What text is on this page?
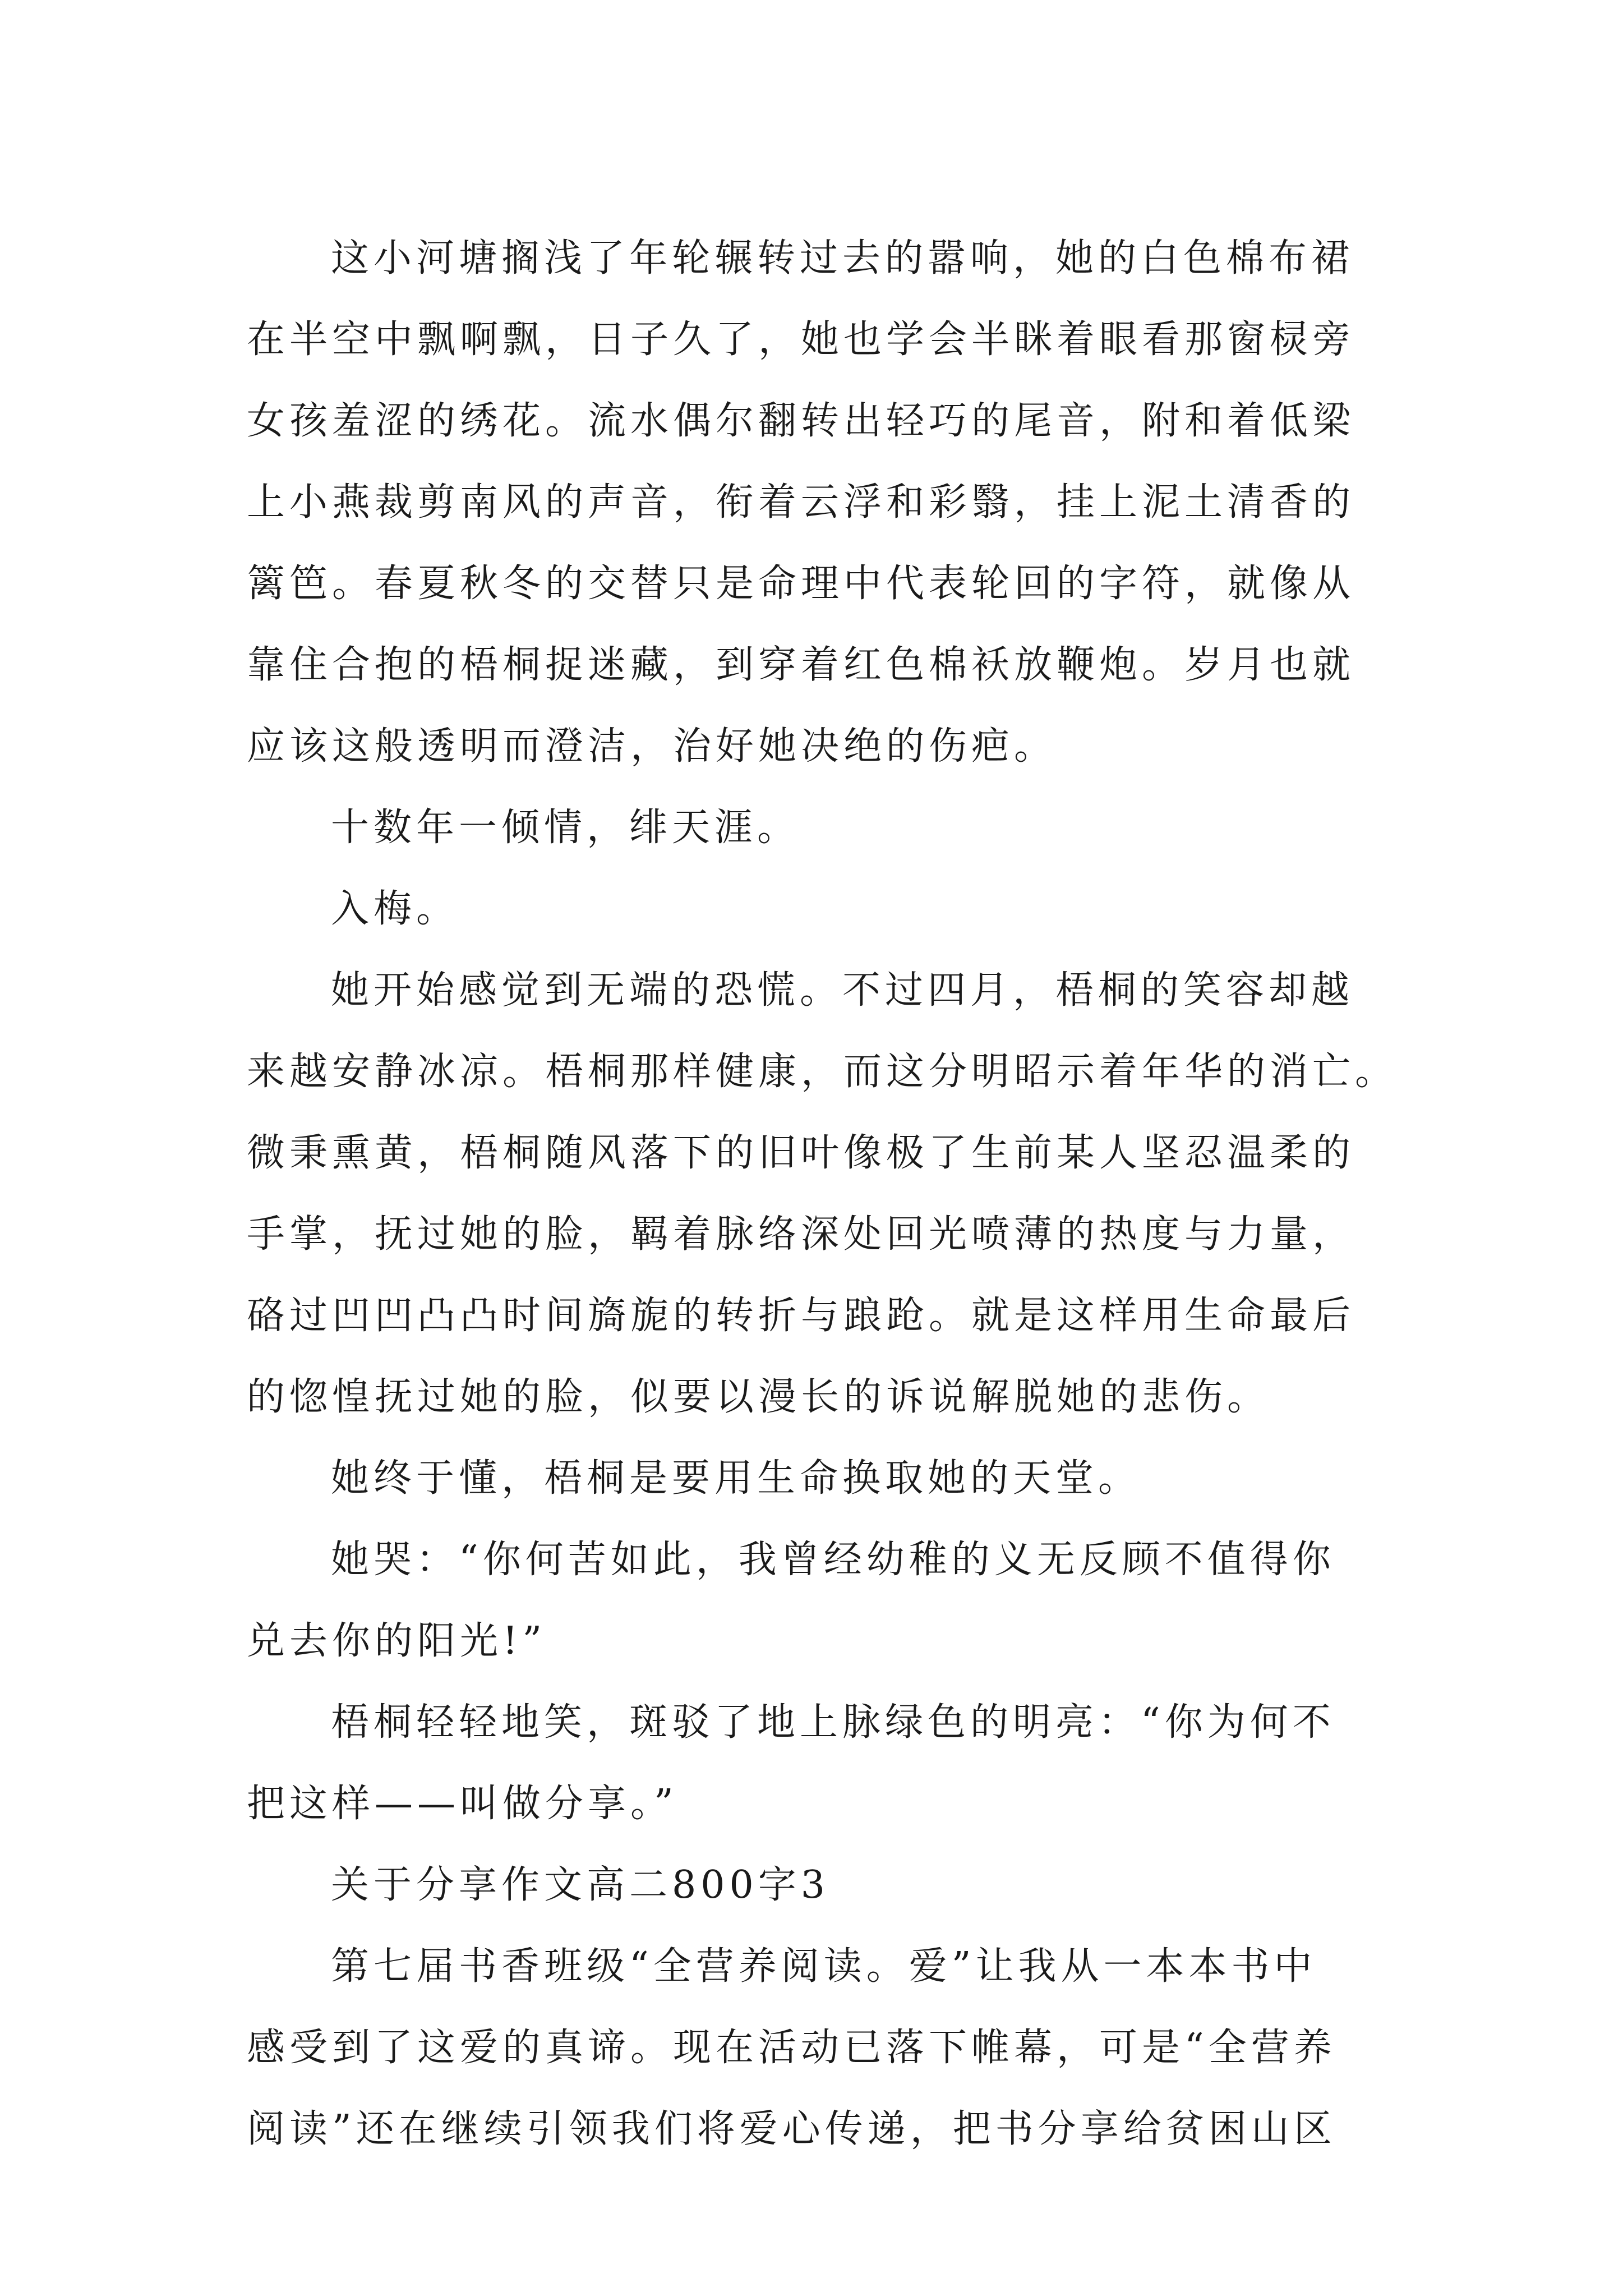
这小河塘搁浅了年轮辗转过去的嚣响，她的白色棉布裙
在半空中飘啊飘，日子久了，她也学会半眯着眼看那窗棂旁
女孩羞涩的绣花。流水偶尔翻转出轻巧的尾音，附和着低梁
上小燕裁剪南风的声音，衔着云浮和彩翳，挂上泥土清香的
篱笆。春夏秋冬的交替只是命理中代表轮回的字符，就像从
靠住合抱的梧桐捉迷藏，到穿着红色棉袄放鞭炮。岁月也就
应该这般透明而澄洁，治好她决绝的伤疤。

十数年一倾情，绯天涯。

入梅。

她开始感觉到无端的恐慌。不过四月，梧桐的笑容却越
来越安静冰凉。梧桐那样健康，而这分明昭示着年华的消亡。
微秉熏黄，梧桐随风落下的旧叶像极了生前某人坚忍温柔的
手掌，抚过她的脸，羁着脉络深处回光喷薄的热度与力量，
硌过凹凹凸凸时间旖旎的转折与踉跄。就是这样用生命最后
的惚惶抚过她的脸，似要以漫长的诉说解脱她的悲伤。

她终于懂，梧桐是要用生命换取她的天堂。

她哭：“你何苦如此，我曾经幼稚的义无反顾不值得你
兑去你的阳光!”

梧桐轻轻地笑，斑驳了地上脉绿色的明亮：“你为何不
把这样——叫做分享。”

关于分享作文高二800字3

第七届书香班级“全营养阅读。爱”让我从一本本书中
感受到了这爱的真谛。现在活动已落下帷幕，可是“全营养
阅读”还在继续引领我们将爱心传递，把书分享给贫困山区
